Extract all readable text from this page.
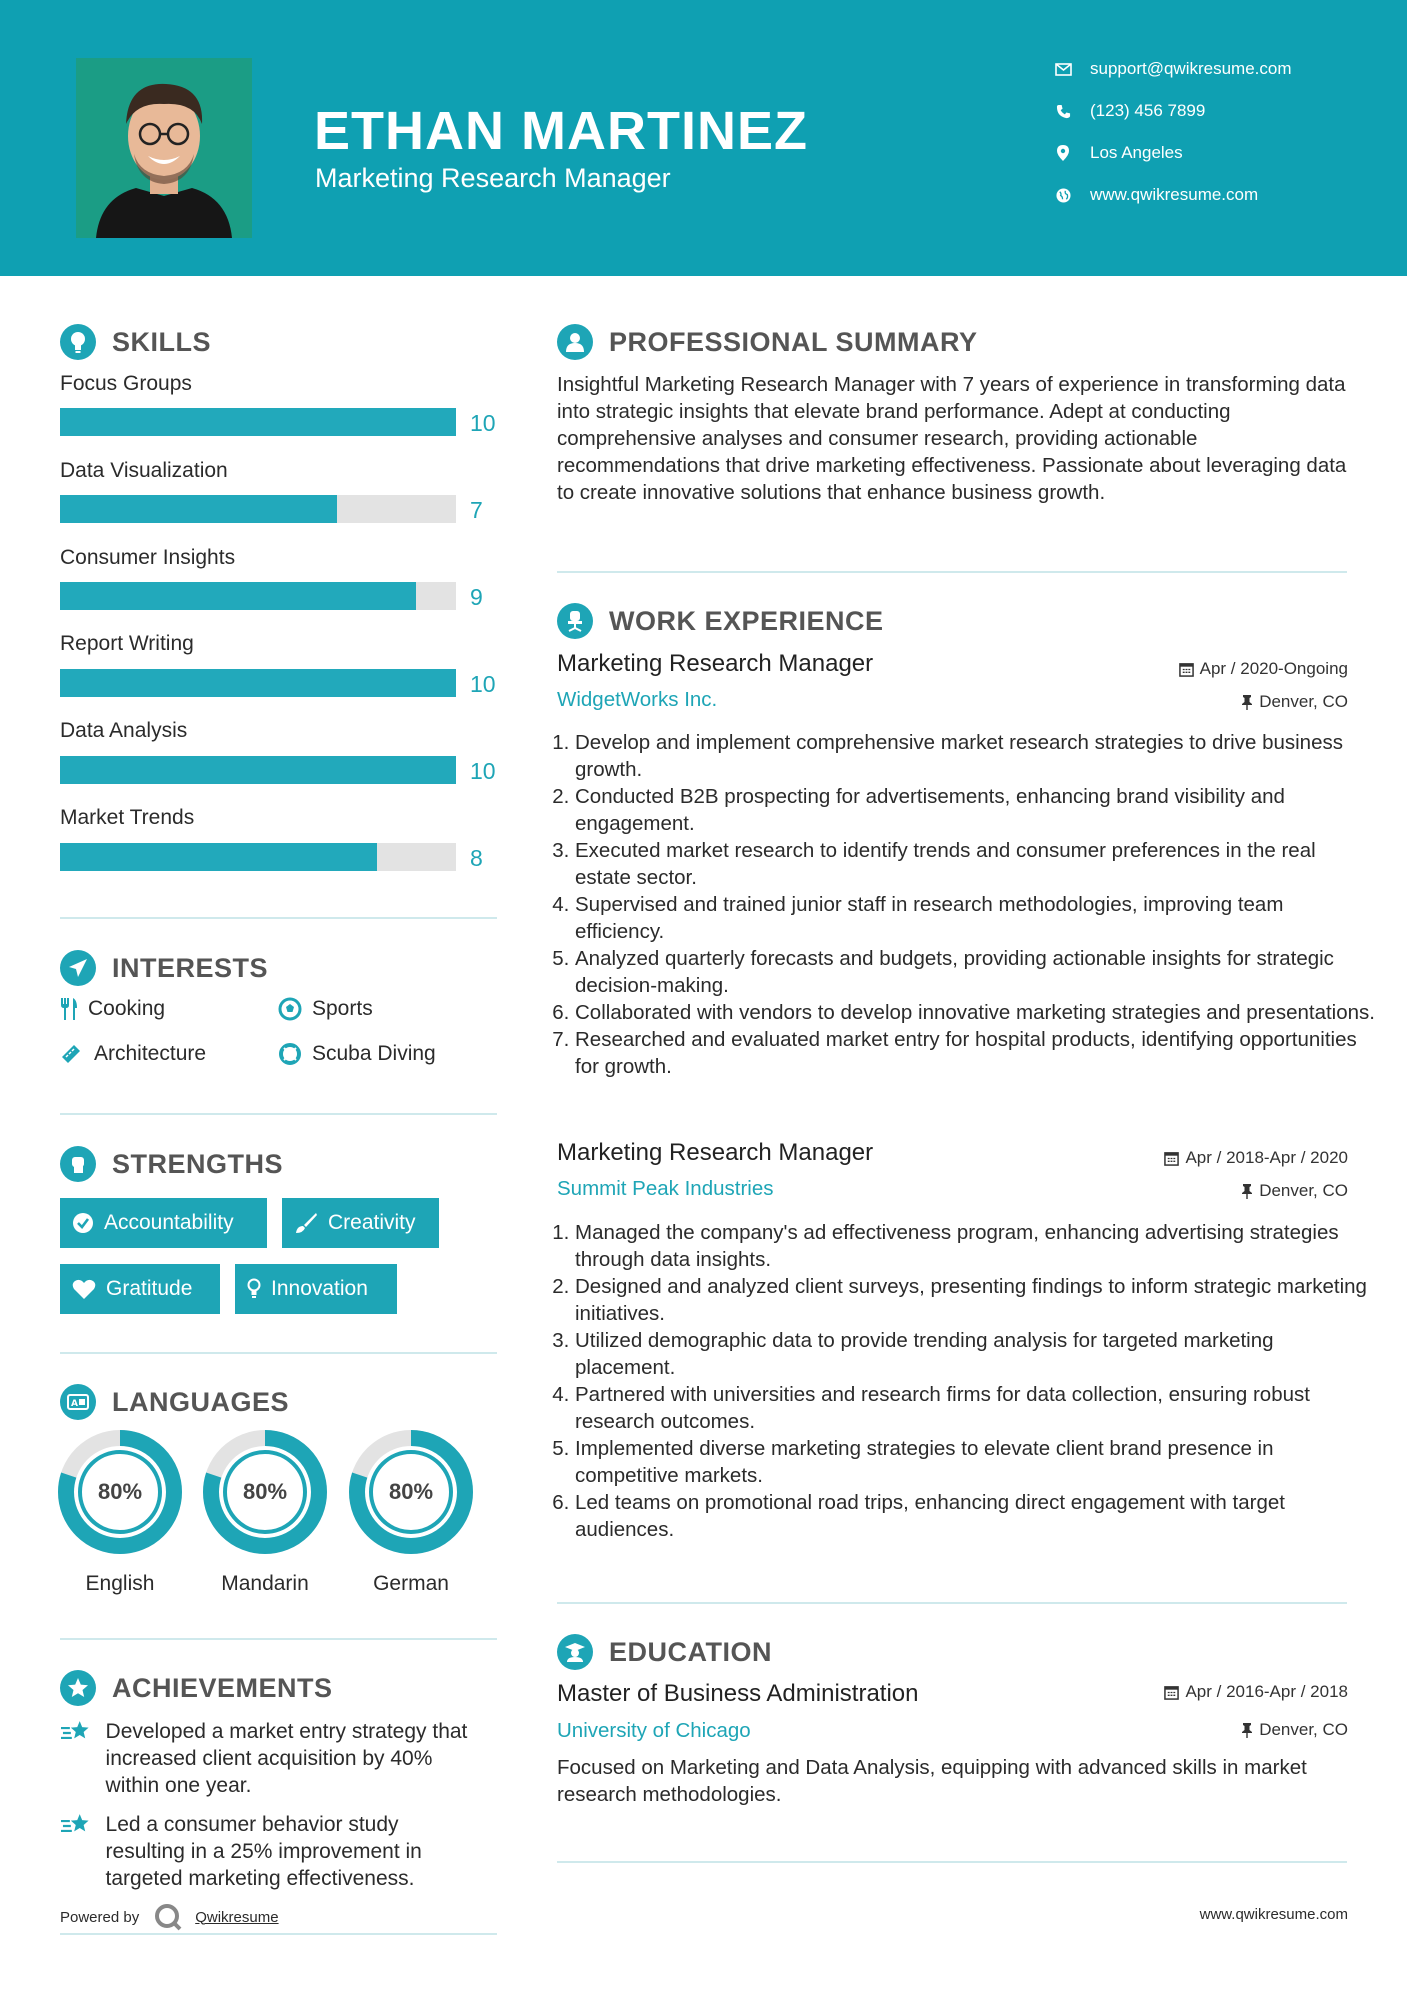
ETHAN MARTINEZ
Marketing Research Manager
support@qwikresume.com
(123) 456 7899
Los Angeles
www.qwikresume.com
SKILLS
Focus Groups
10
Data Visualization
7
Consumer Insights
9
Report Writing
10
Data Analysis
10
Market Trends
8
INTERESTS
Cooking	Sports
Architecture	Scuba Diving
STRENGTHS
Accountability	Creativity
Gratitude	Innovation
A LANGUAGES
80%
English
80%
Mandarin
80%
German
ACHIEVEMENTS
Developed a market entry strategy that increased client acquisition by 40% within one year.
Led a consumer behavior study resulting in a 25% improvement in targeted marketing effectiveness.
Powered by	Qwikresume
PROFESSIONAL SUMMARY
Insightful Marketing Research Manager with 7 years of experience in transforming data into strategic insights that elevate brand performance. Adept at conducting comprehensive analyses and consumer research, providing actionable recommendations that drive marketing effectiveness. Passionate about leveraging data to create innovative solutions that enhance business growth.
WORK EXPERIENCE
Marketing Research Manager	Apr / 2020-Ongoing
WidgetWorks Inc.	Denver, CO
1. Develop and implement comprehensive market research strategies to drive business growth.
2. Conducted B2B prospecting for advertisements, enhancing brand visibility and engagement.
3. Executed market research to identify trends and consumer preferences in the real estate sector.
4. Supervised and trained junior staff in research methodologies, improving team efficiency.
5. Analyzed quarterly forecasts and budgets, providing actionable insights for strategic decision-making.
6. Collaborated with vendors to develop innovative marketing strategies and presentations.
7. Researched and evaluated market entry for hospital products, identifying opportunities for growth.
Marketing Research Manager	Apr / 2018-Apr / 2020
Summit Peak Industries	Denver, CO
1. Managed the company's ad effectiveness program, enhancing advertising strategies through data insights.
2. Designed and analyzed client surveys, presenting findings to inform strategic marketing initiatives.
3. Utilized demographic data to provide trending analysis for targeted marketing placement.
4. Partnered with universities and research firms for data collection, ensuring robust research outcomes.
5. Implemented diverse marketing strategies to elevate client brand presence in competitive markets.
6. Led teams on promotional road trips, enhancing direct engagement with target audiences.
EDUCATION
Master of Business Administration	Apr / 2016-Apr / 2018
University of Chicago	Denver, CO
Focused on Marketing and Data Analysis, equipping with advanced skills in market research methodologies.
www.qwikresume.com
